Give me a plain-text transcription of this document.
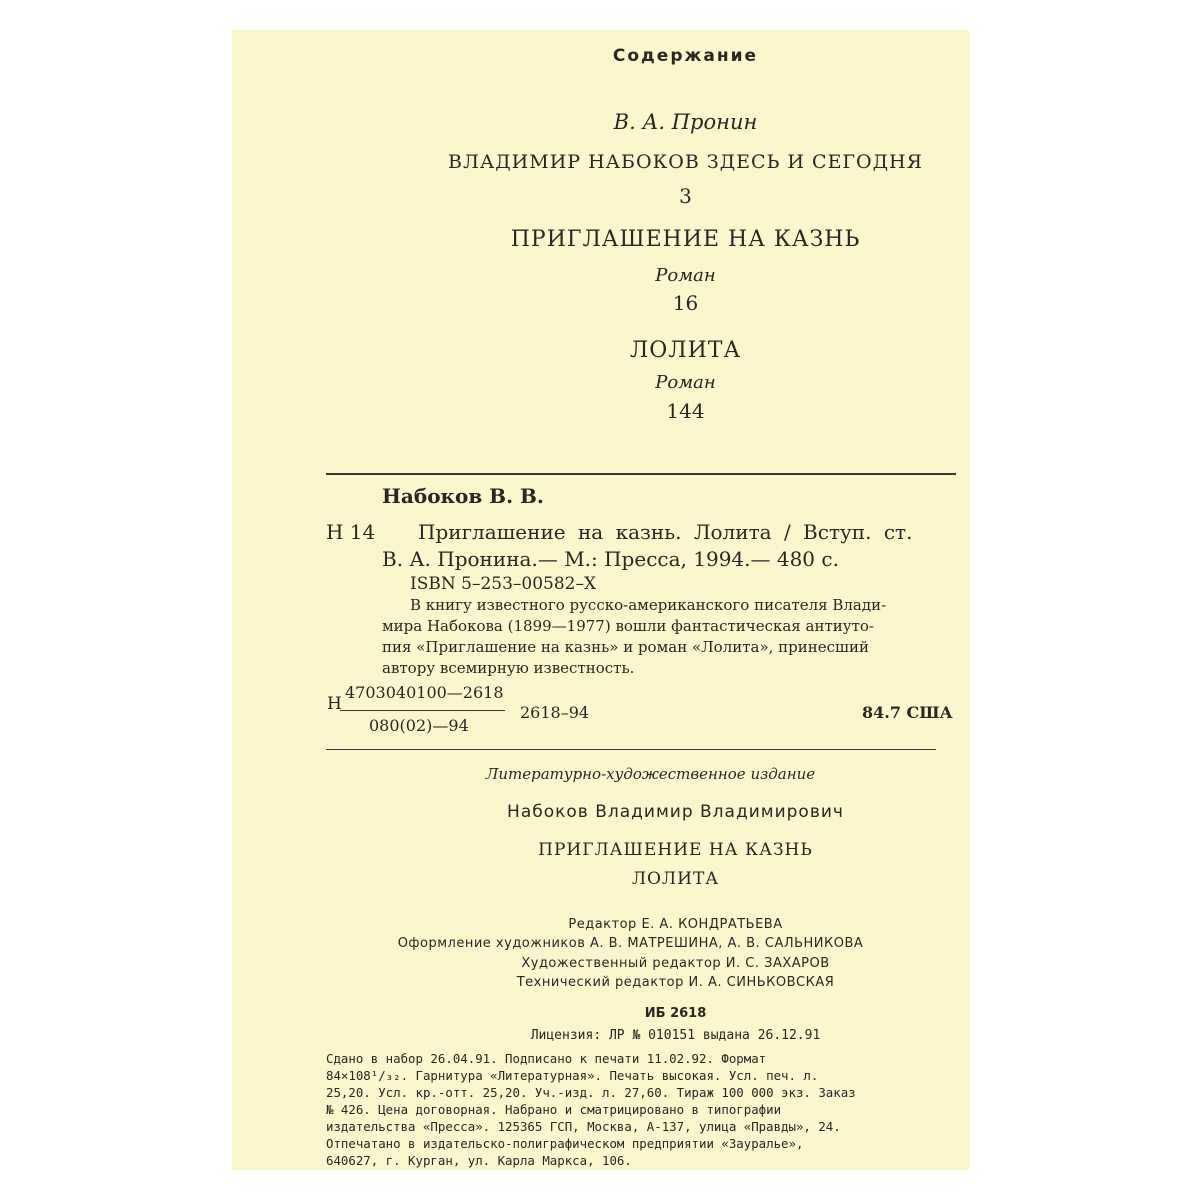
Содержание
В. А. Пронин
ВЛАДИМИР НАБОКОВ ЗДЕСЬ И СЕГОДНЯ
3
ПРИГЛАШЕНИЕ НА КАЗНЬ
Роман
16
ЛОЛИТА
Роман
144
Набоков В. В.
Н 14 Приглашение на казнь. Лолита / Вступ. ст.
В. А. Пронина.— М.: Пресса, 1994.— 480 с.
ISBN 5–253–00582–X
В книгу известного русско-американского писателя Влади-
мира Набокова (1899—1977) вошли фантастическая антиуто-
пия «Приглашение на казнь» и роман «Лолита», принесший
автору всемирную известность.
Н
4703040100—2618
080(02)—94
2618–94	84.7 США
Литературно-художественное издание
Набоков Владимир Владимирович
ПРИГЛАШЕНИЕ НА КАЗНЬ
ЛОЛИТА
Редактор Е. А. КОНДРАТЬЕВА
Оформление художников А. В. МАТРЕШИНА, А. В. САЛЬНИКОВА
Художественный редактор И. С. ЗАХАРОВ
Технический редактор И. А. СИНЬКОВСКАЯ
ИБ 2618
Лицензия: ЛР № 010151 выдана 26.12.91
Сдано в набор 26.04.91. Подписано к печати 11.02.92. Формат
84×108¹/₃₂. Гарнитура «Литературная». Печать высокая. Усл. печ. л.
25,20. Усл. кр.-отт. 25,20. Уч.-изд. л. 27,60. Тираж 100 000 экз. Заказ
№ 426. Цена договорная. Набрано и сматрицировано в типографии
издательства «Пресса». 125365 ГСП, Москва, А-137, улица «Правды», 24.
Отпечатано в издательско-полиграфическом предприятии «Зауралье»,
640627, г. Курган, ул. Карла Маркса, 106.
